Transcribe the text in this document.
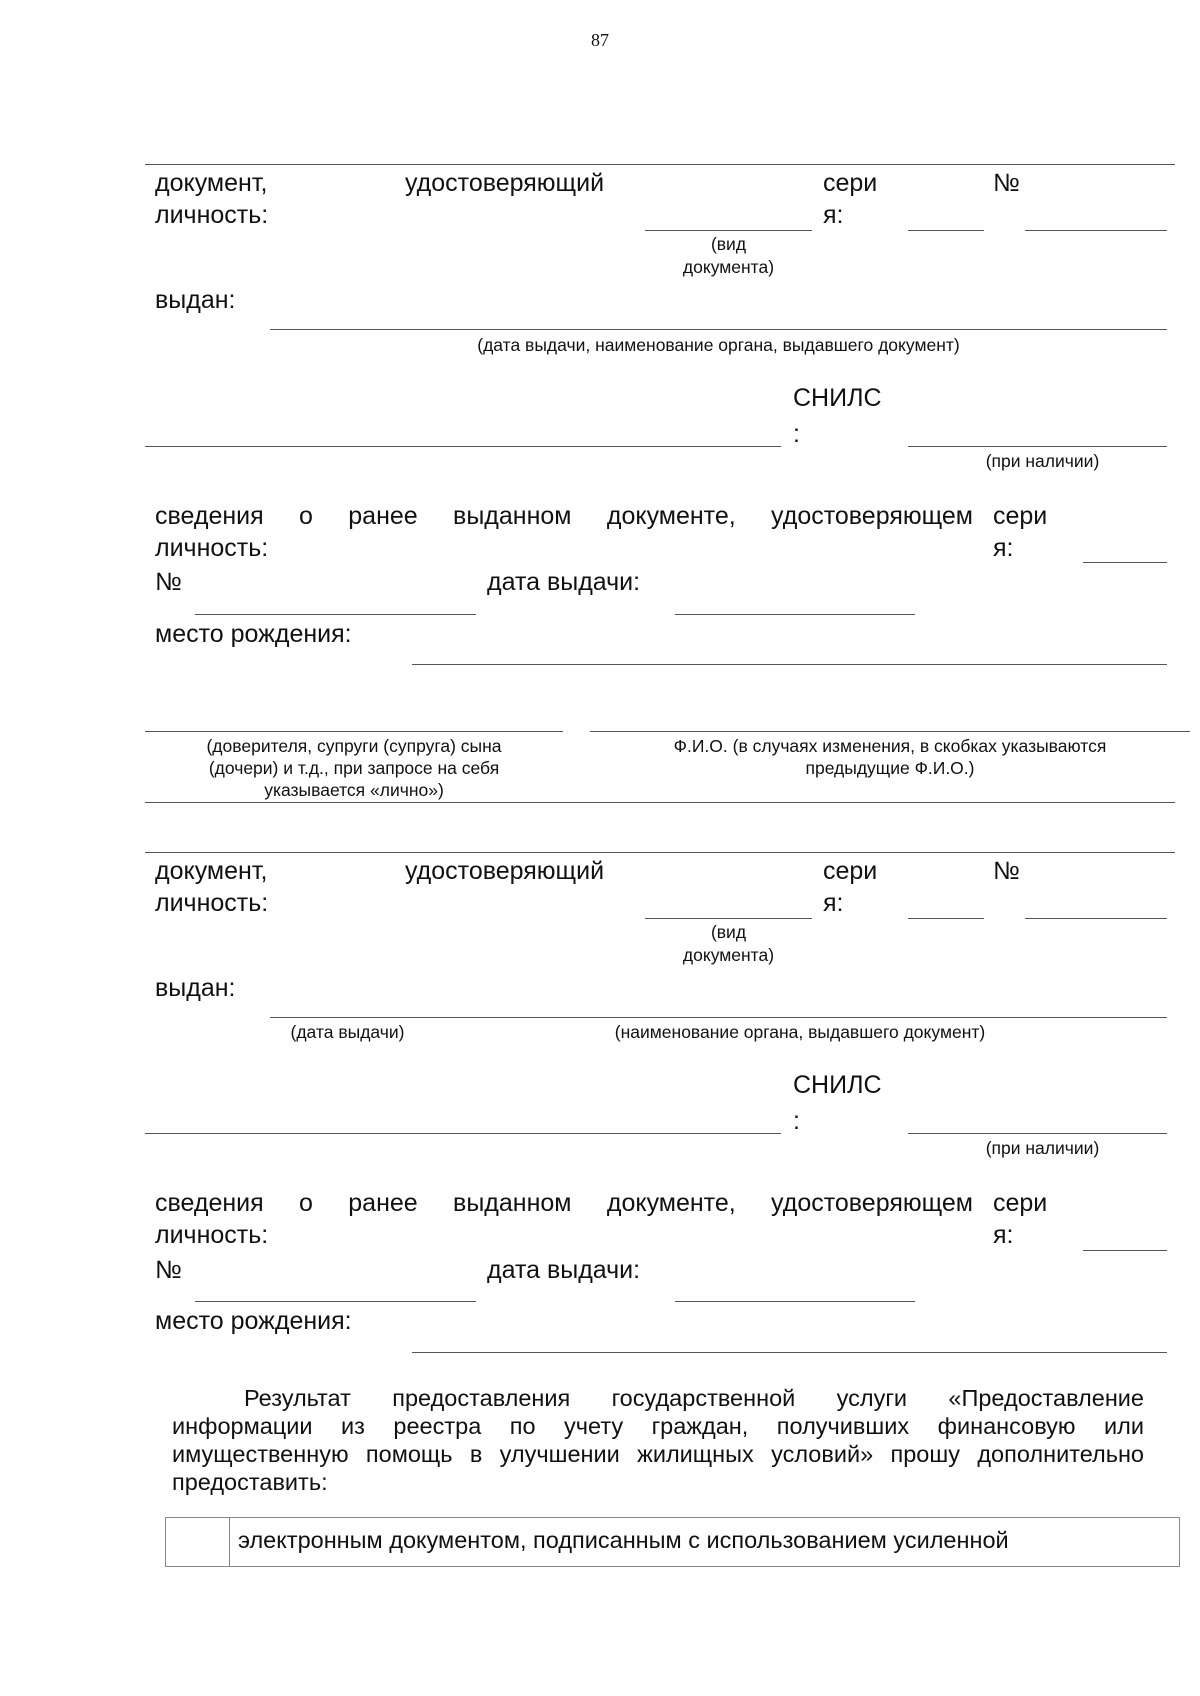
87
документ,	удостоверяющий
личность:
сери
я:
№
(вид
документа)
выдан:
(дата выдачи, наименование органа, выдавшего документ)
СНИЛС
:
(при наличии)
сведения о ранее выданном документе, удостоверяющем
личность:
сери
я:
№	дата выдачи:
место рождения:
(доверителя, супруги (супруга) сына
(дочери) и т.д., при запросе на себя
указывается «лично»)
Ф.И.О. (в случаях изменения, в скобках указываются
предыдущие Ф.И.О.)
документ,	удостоверяющий
личность:
сери
я:
№
(вид
документа)
выдан:
(дата выдачи)	(наименование органа, выдавшего документ)
СНИЛС
:
(при наличии)
сведения о ранее выданном документе, удостоверяющем
личность:
сери
я:
№	дата выдачи:
место рождения:
Результат предоставления государственной услуги «Предоставление информации из реестра по учету граждан, получивших финансовую или имущественную помощь в улучшении жилищных условий» прошу дополнительно предоставить:
электронным документом, подписанным с использованием усиленной
